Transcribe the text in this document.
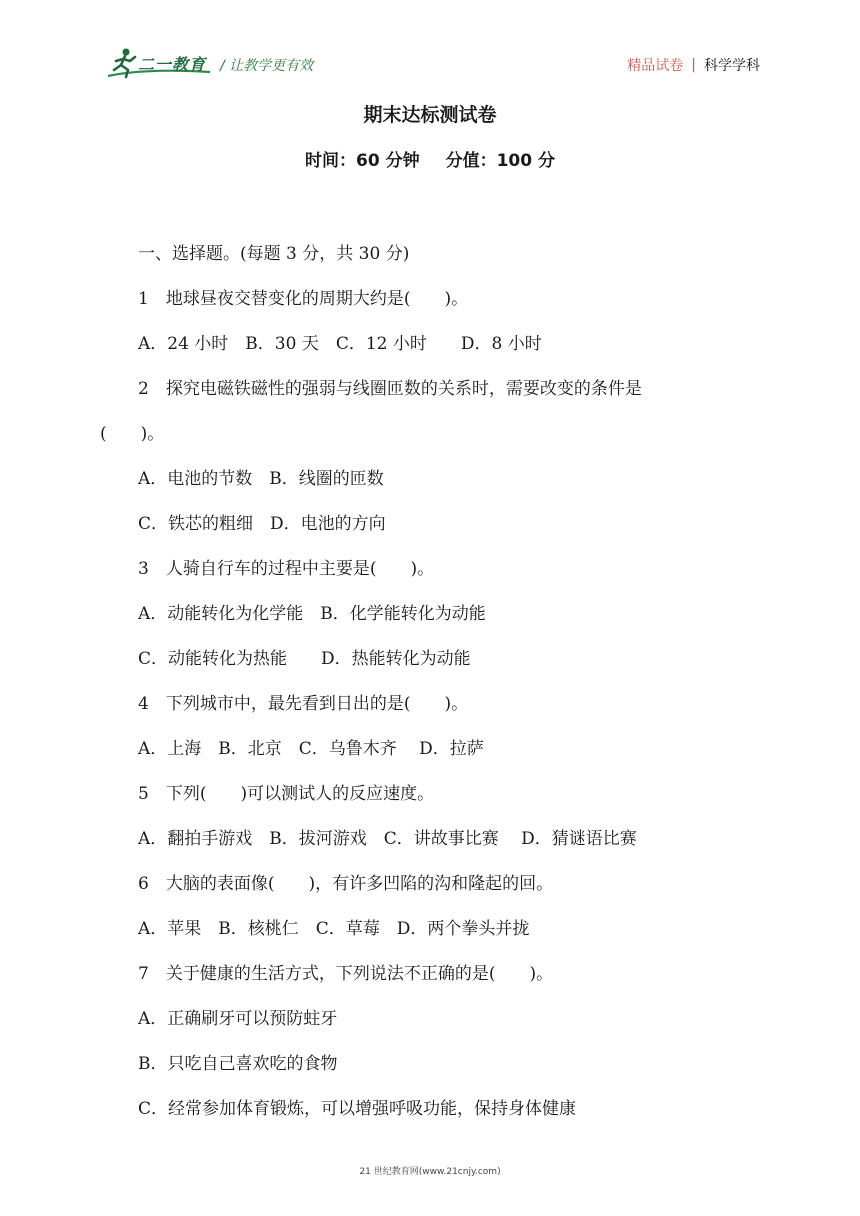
二一教育 / 让教学更有效	精品试卷 | 科学学科
期末达标测试卷
时间：60 分钟 分值：100 分
一、选择题。(每题 3 分，共 30 分)
1　地球昼夜交替变化的周期大约是(　　)。
A．24 小时　B．30 天　C．12 小时　　D．8 小时
2　探究电磁铁磁性的强弱与线圈匝数的关系时，需要改变的条件是
(　　)。
A．电池的节数　B．线圈的匝数
C．铁芯的粗细　D．电池的方向
3　人骑自行车的过程中主要是(　　)。
A．动能转化为化学能　B．化学能转化为动能
C．动能转化为热能　　D．热能转化为动能
4　下列城市中，最先看到日出的是(　　)。
A．上海　B．北京　C．乌鲁木齐　 D．拉萨
5　下列(　　)可以测试人的反应速度。
A．翻拍手游戏　B．拔河游戏　C．讲故事比赛　 D．猜谜语比赛
6　大脑的表面像(　　)，有许多凹陷的沟和隆起的回。
A．苹果　B．核桃仁　C．草莓　D．两个拳头并拢
7　关于健康的生活方式，下列说法不正确的是(　　)。
A．正确刷牙可以预防蛀牙
B．只吃自己喜欢吃的食物
C．经常参加体育锻炼，可以增强呼吸功能，保持身体健康
21 世纪教育网(www.21cnjy.com)
